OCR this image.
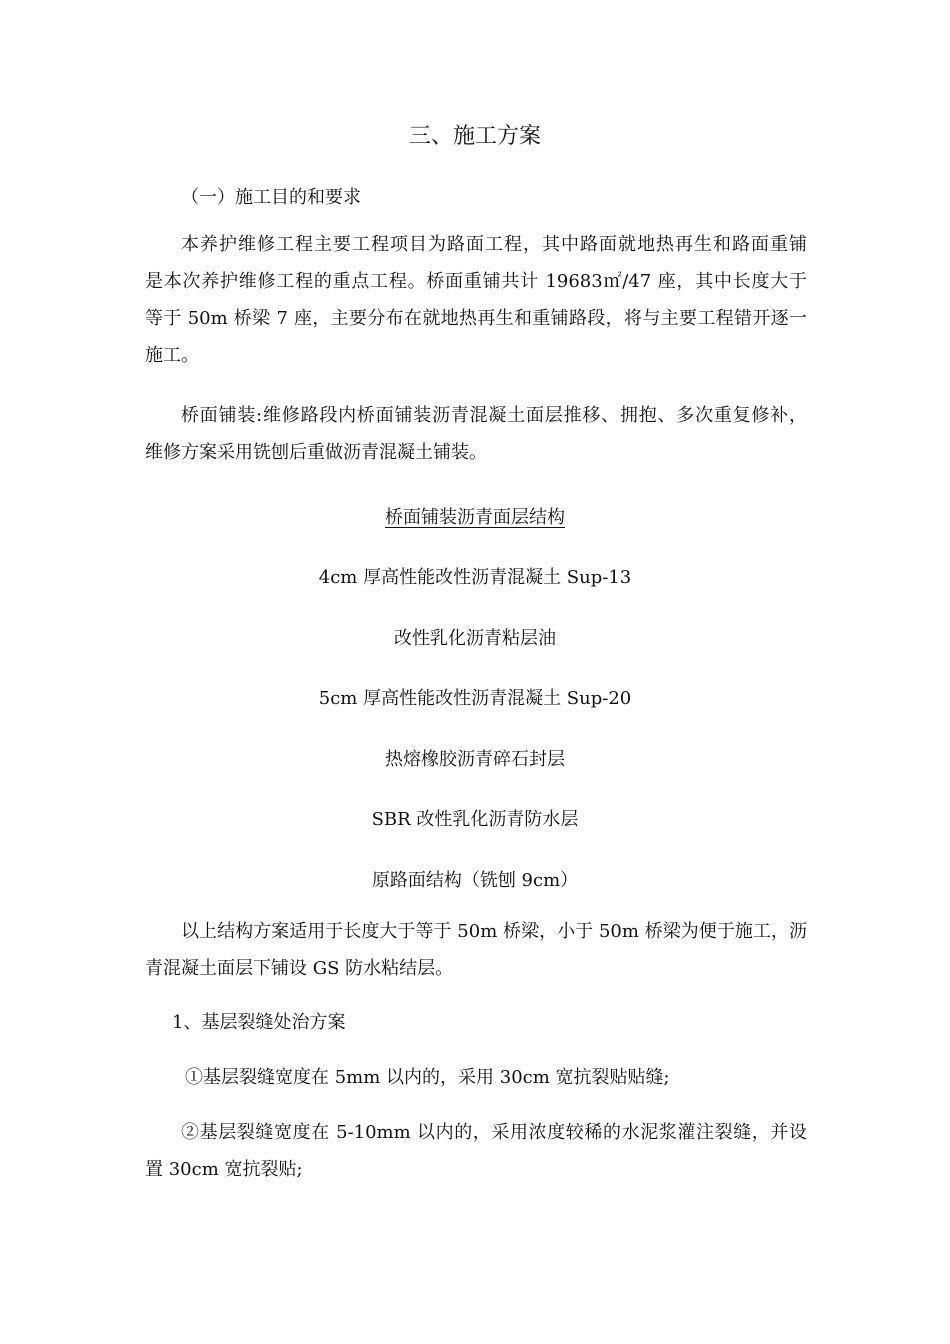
三、施工方案
（一）施工目的和要求
本养护维修工程主要工程项目为路面工程，其中路面就地热再生和路面重铺
是本次养护维修工程的重点工程。桥面重铺共计 19683㎡/47 座，其中长度大于
等于 50m 桥梁 7 座，主要分布在就地热再生和重铺路段，将与主要工程错开逐一
施工。
桥面铺装:维修路段内桥面铺装沥青混凝土面层推移、拥抱、多次重复修补，
维修方案采用铣刨后重做沥青混凝土铺装。
桥面铺装沥青面层结构
4cm 厚高性能改性沥青混凝土 Sup-13
改性乳化沥青粘层油
5cm 厚高性能改性沥青混凝土 Sup-20
热熔橡胶沥青碎石封层
SBR 改性乳化沥青防水层
原路面结构（铣刨 9cm）
以上结构方案适用于长度大于等于 50m 桥梁，小于 50m 桥梁为便于施工，沥
青混凝土面层下铺设 GS 防水粘结层。
1、基层裂缝处治方案
①基层裂缝宽度在 5mm 以内的，采用 30cm 宽抗裂贴贴缝;
②基层裂缝宽度在 5-10mm 以内的，采用浓度较稀的水泥浆灌注裂缝，并设
置 30cm 宽抗裂贴;
